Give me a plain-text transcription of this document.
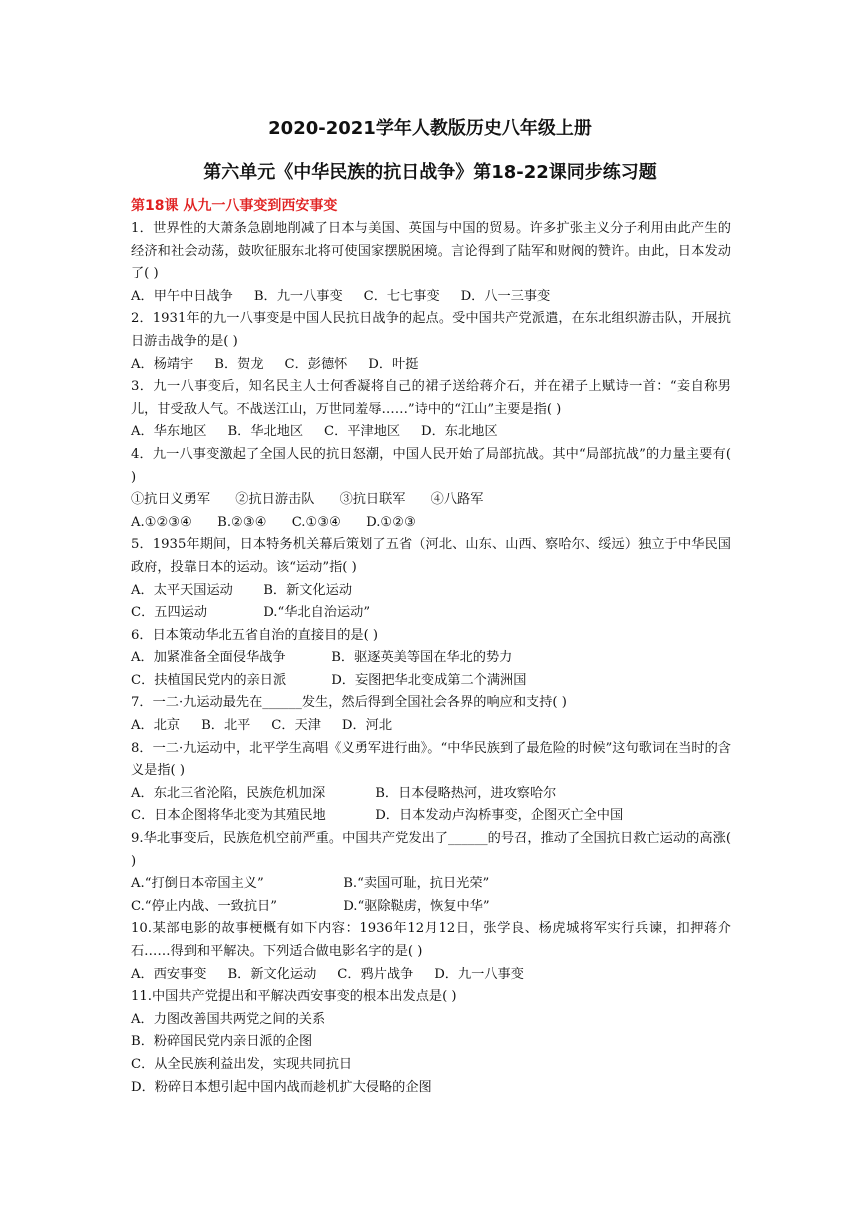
2020-2021学年人教版历史八年级上册

第六单元《中华民族的抗日战争》第18-22课同步练习题

第18课 从九一八事变到西安事变

1．世界性的大萧条急剧地削减了日本与美国、英国与中国的贸易。许多扩张主义分子利用由此产生的经济和社会动荡，鼓吹征服东北将可使国家摆脱困境。言论得到了陆军和财阀的赞许。由此，日本发动了( )

A．甲午中日战争 B．九一八事变 C．七七事变 D．八一三事变

2．1931年的九一八事变是中国人民抗日战争的起点。受中国共产党派遣，在东北组织游击队，开展抗日游击战争的是( )

A．杨靖宇 B．贺龙 C．彭德怀 D．叶挺

3．九一八事变后，知名民主人士何香凝将自己的裙子送给蒋介石，并在裙子上赋诗一首：“妾自称男儿，甘受敌人气。不战送江山，万世同羞辱……”诗中的“江山”主要是指( )

A．华东地区 B．华北地区 C．平津地区 D．东北地区

4．九一八事变激起了全国人民的抗日怒潮，中国人民开始了局部抗战。其中“局部抗战”的力量主要有( )

①抗日义勇军 ②抗日游击队 ③抗日联军 ④八路军

A.①②③④ B.②③④ C.①③④ D.①②③

5．1935年期间，日本特务机关幕后策划了五省（河北、山东、山西、察哈尔、绥远）独立于中华民国政府，投靠日本的运动。该“运动”指( )

A．太平天国运动 B．新文化运动

C．五四运动	D.“华北自治运动”

6．日本策动华北五省自治的直接目的是( )

A．加紧准备全面侵华战争	B．驱逐英美等国在华北的势力

C．扶植国民党内的亲日派	D．妄图把华北变成第二个满洲国

7．一二·九运动最先在______发生，然后得到全国社会各界的响应和支持( )

A．北京 B．北平 C．天津 D．河北

8．一二·九运动中，北平学生高唱《义勇军进行曲》。“中华民族到了最危险的时候”这句歌词在当时的含义是指( )

A．东北三省沦陷，民族危机加深	B．日本侵略热河，进攻察哈尔

C．日本企图将华北变为其殖民地	D．日本发动卢沟桥事变，企图灭亡全中国

9.华北事变后，民族危机空前严重。中国共产党发出了______的号召，推动了全国抗日救亡运动的高涨( )

A.“打倒日本帝国主义”	B.“卖国可耻，抗日光荣”

C.“停止内战、一致抗日”	D.“驱除鞑虏，恢复中华”

10.某部电影的故事梗概有如下内容：1936年12月12日，张学良、杨虎城将军实行兵谏，扣押蒋介石……得到和平解决。下列适合做电影名字的是( )

A．西安事变 B．新文化运动 C．鸦片战争 D．九一八事变

11.中国共产党提出和平解决西安事变的根本出发点是( )

A．力图改善国共两党之间的关系

B．粉碎国民党内亲日派的企图

C．从全民族利益出发，实现共同抗日

D．粉碎日本想引起中国内战而趁机扩大侵略的企图
